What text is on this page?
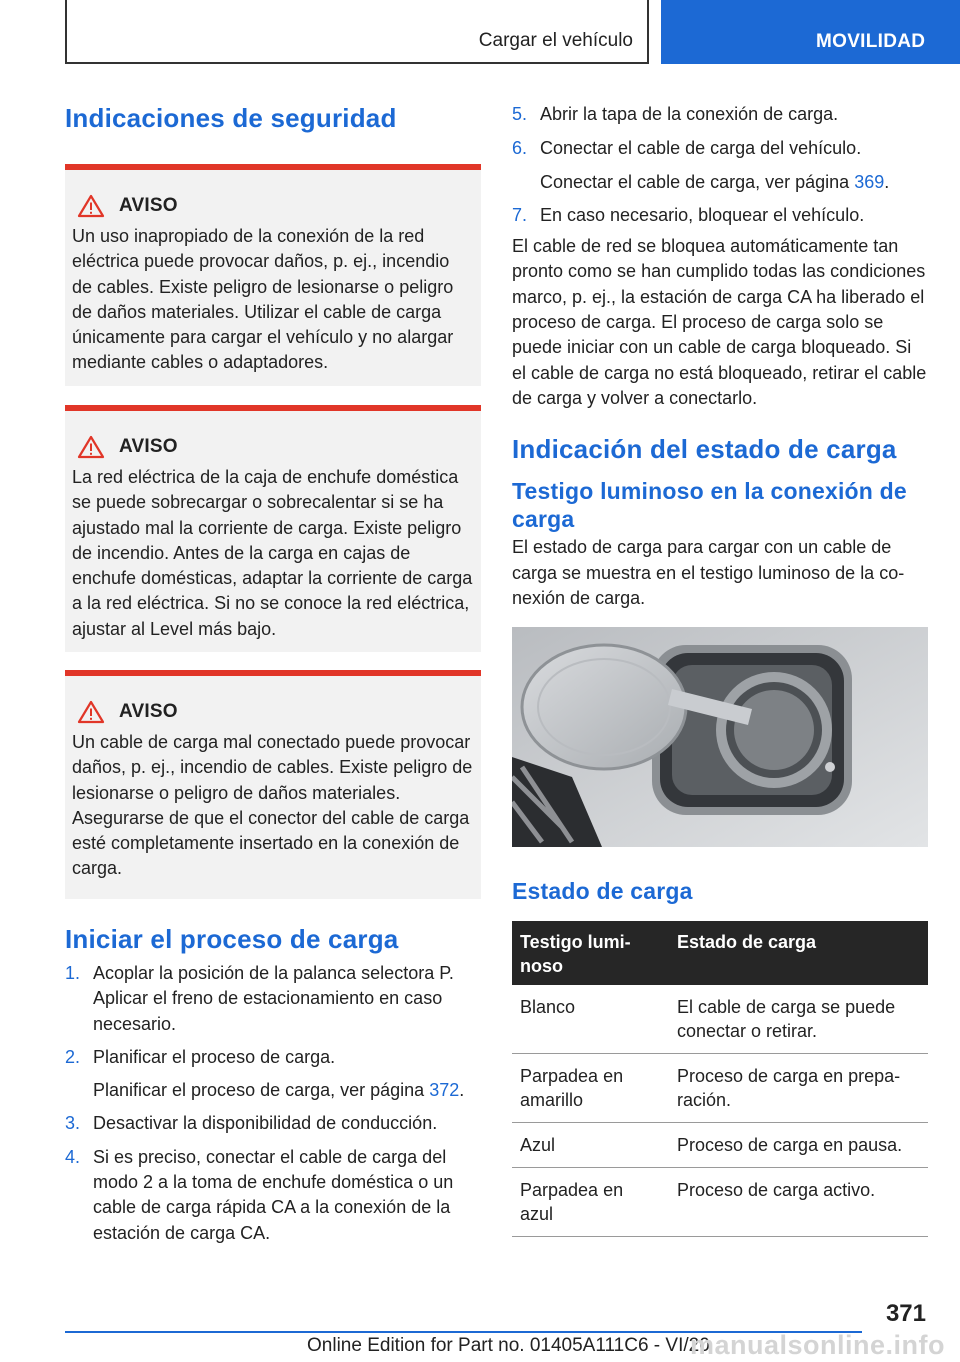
Cargar el vehículo	MOVILIDAD
Indicaciones de seguridad
AVISO
Un uso inapropiado de la conexión de la red eléctrica puede provocar daños, p. ej., incendio de cables. Existe peligro de lesionarse o peligro de daños materiales. Utilizar el cable de carga únicamente para cargar el vehículo y no alargar mediante cables o adaptadores.
AVISO
La red eléctrica de la caja de enchufe doméstica se puede sobrecargar o sobrecalentar si se ha ajustado mal la corriente de carga. Existe peligro de incendio. Antes de la carga en cajas de enchufe domésticas, adaptar la corriente de carga a la red eléctrica. Si no se conoce la red eléctrica, ajustar al Level más bajo.
AVISO
Un cable de carga mal conectado puede provocar daños, p. ej., incendio de cables. Existe peligro de lesionarse o peligro de daños materiales. Asegurarse de que el conector del cable de carga esté completamente insertado en la conexión de carga.
Iniciar el proceso de carga
1. Acoplar la posición de la palanca selectora P. Aplicar el freno de estacionamiento en caso necesario.
2. Planificar el proceso de carga.
Planificar el proceso de carga, ver página 372.
3. Desactivar la disponibilidad de conducción.
4. Si es preciso, conectar el cable de carga del modo 2 a la toma de enchufe doméstica o un cable de carga rápida CA a la conexión de la estación de carga CA.
5. Abrir la tapa de la conexión de carga.
6. Conectar el cable de carga del vehículo.
Conectar el cable de carga, ver página 369.
7. En caso necesario, bloquear el vehículo.

El cable de red se bloquea automáticamente tan pronto como se han cumplido todas las condiciones marco, p. ej., la estación de carga CA ha liberado el proceso de carga. El proceso de carga solo se puede iniciar con un cable de carga bloqueado. Si el cable de carga no está bloqueado, retirar el cable de carga y volver a conectarlo.

Indicación del estado de carga
Testigo luminoso en la conexión de carga

El estado de carga para cargar con un cable de carga se muestra en el testigo luminoso de la conexión de carga.

Estado de carga
Testigo luminoso	Estado de carga
Blanco	El cable de carga se puede conectar o retirar.
Parpadea en amarillo	Proceso de carga en preparación.
Azul	Proceso de carga en pausa.
Parpadea en azul	Proceso de carga activo.
371
Online Edition for Part no. 01405A111C6 - VI/20
manualsonline.info
